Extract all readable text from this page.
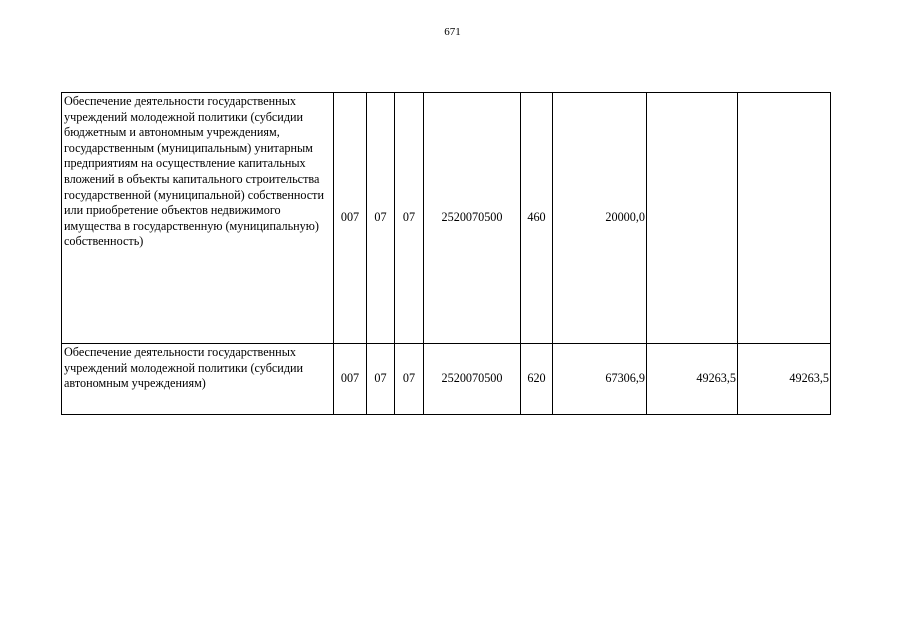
671
Обеспечение деятельности государственных учреждений молодежной политики (субсидии бюджетным и автономным учреждениям, государственным (муниципальным) унитарным предприятиям на осуществление капитальных вложений в объекты капитального строительства государственной (муниципальной) собственности или приобретение объектов недвижимого имущества в государственную (муниципальную) собственность)	007	07	07	2520070500	460	20000,0		
Обеспечение деятельности государственных учреждений молодежной политики (субсидии автономным учреждениям)	007	07	07	2520070500	620	67306,9	49263,5	49263,5
